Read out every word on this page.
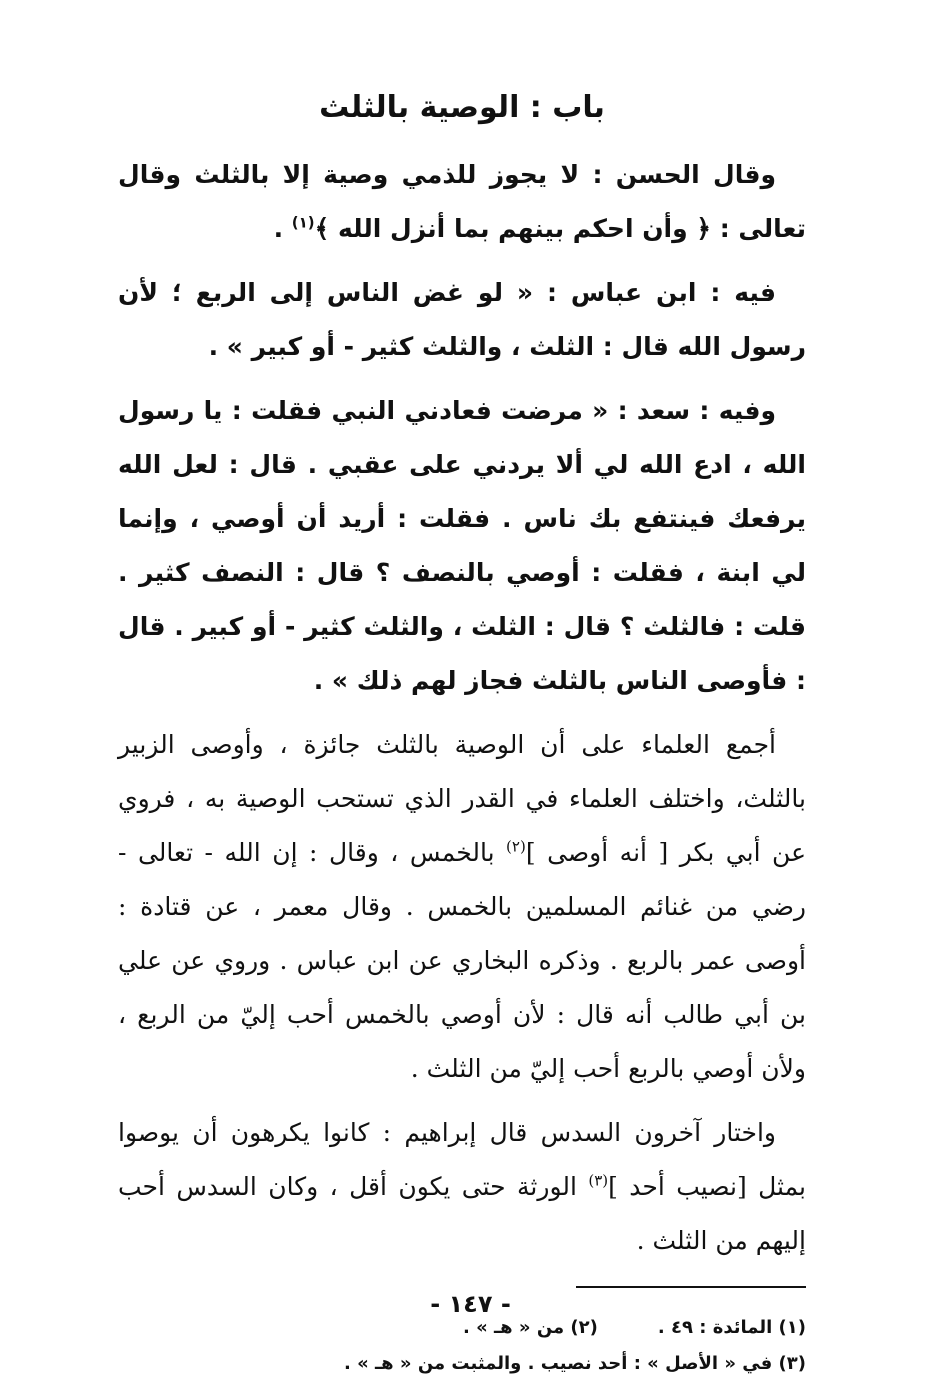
باب : الوصية بالثلث

وقال الحسن : لا يجوز للذمي وصية إلا بالثلث وقال تعالى : ﴿ وأن احكم بينهم بما أنزل الله ﴾$^{(١)}$ .

فيه : ابن عباس : « لو غض الناس إلى الربع ؛ لأن رسول الله قال : الثلث ، والثلث كثير - أو كبير » .

وفيه : سعد : « مرضت فعادني النبي فقلت : يا رسول الله ، ادع الله لي ألا يردني على عقبي . قال : لعل الله يرفعك فينتفع بك ناس . فقلت : أريد أن أوصي ، وإنما لي ابنة ، فقلت : أوصي بالنصف ؟ قال : النصف كثير . قلت : فالثلث ؟ قال : الثلث ، والثلث كثير - أو كبير . قال : فأوصى الناس بالثلث فجاز لهم ذلك » .

أجمع العلماء على أن الوصية بالثلث جائزة ، وأوصى الزبير بالثلث، واختلف العلماء في القدر الذي تستحب الوصية به ، فروي عن أبي بكر [ أنه أوصى ]$^{(٢)}$ بالخمس ، وقال : إن الله - تعالى - رضي من غنائم المسلمين بالخمس . وقال معمر ، عن قتادة : أوصى عمر بالربع . وذكره البخاري عن ابن عباس . وروي عن علي بن أبي طالب أنه قال : لأن أوصي بالخمس أحب إليّ من الربع ، ولأن أوصي بالربع أحب إليّ من الثلث .

واختار آخرون السدس قال إبراهيم : كانوا يكرهون أن يوصوا بمثل [نصيب أحد ]$^{(٣)}$ الورثة حتى يكون أقل ، وكان السدس أحب إليهم من الثلث .

(١) المائدة : ٤٩ .

(٢) من « هـ » .

(٣) في « الأصل » : أحد نصيب . والمثبت من « هـ » .

- ١٤٧ -
